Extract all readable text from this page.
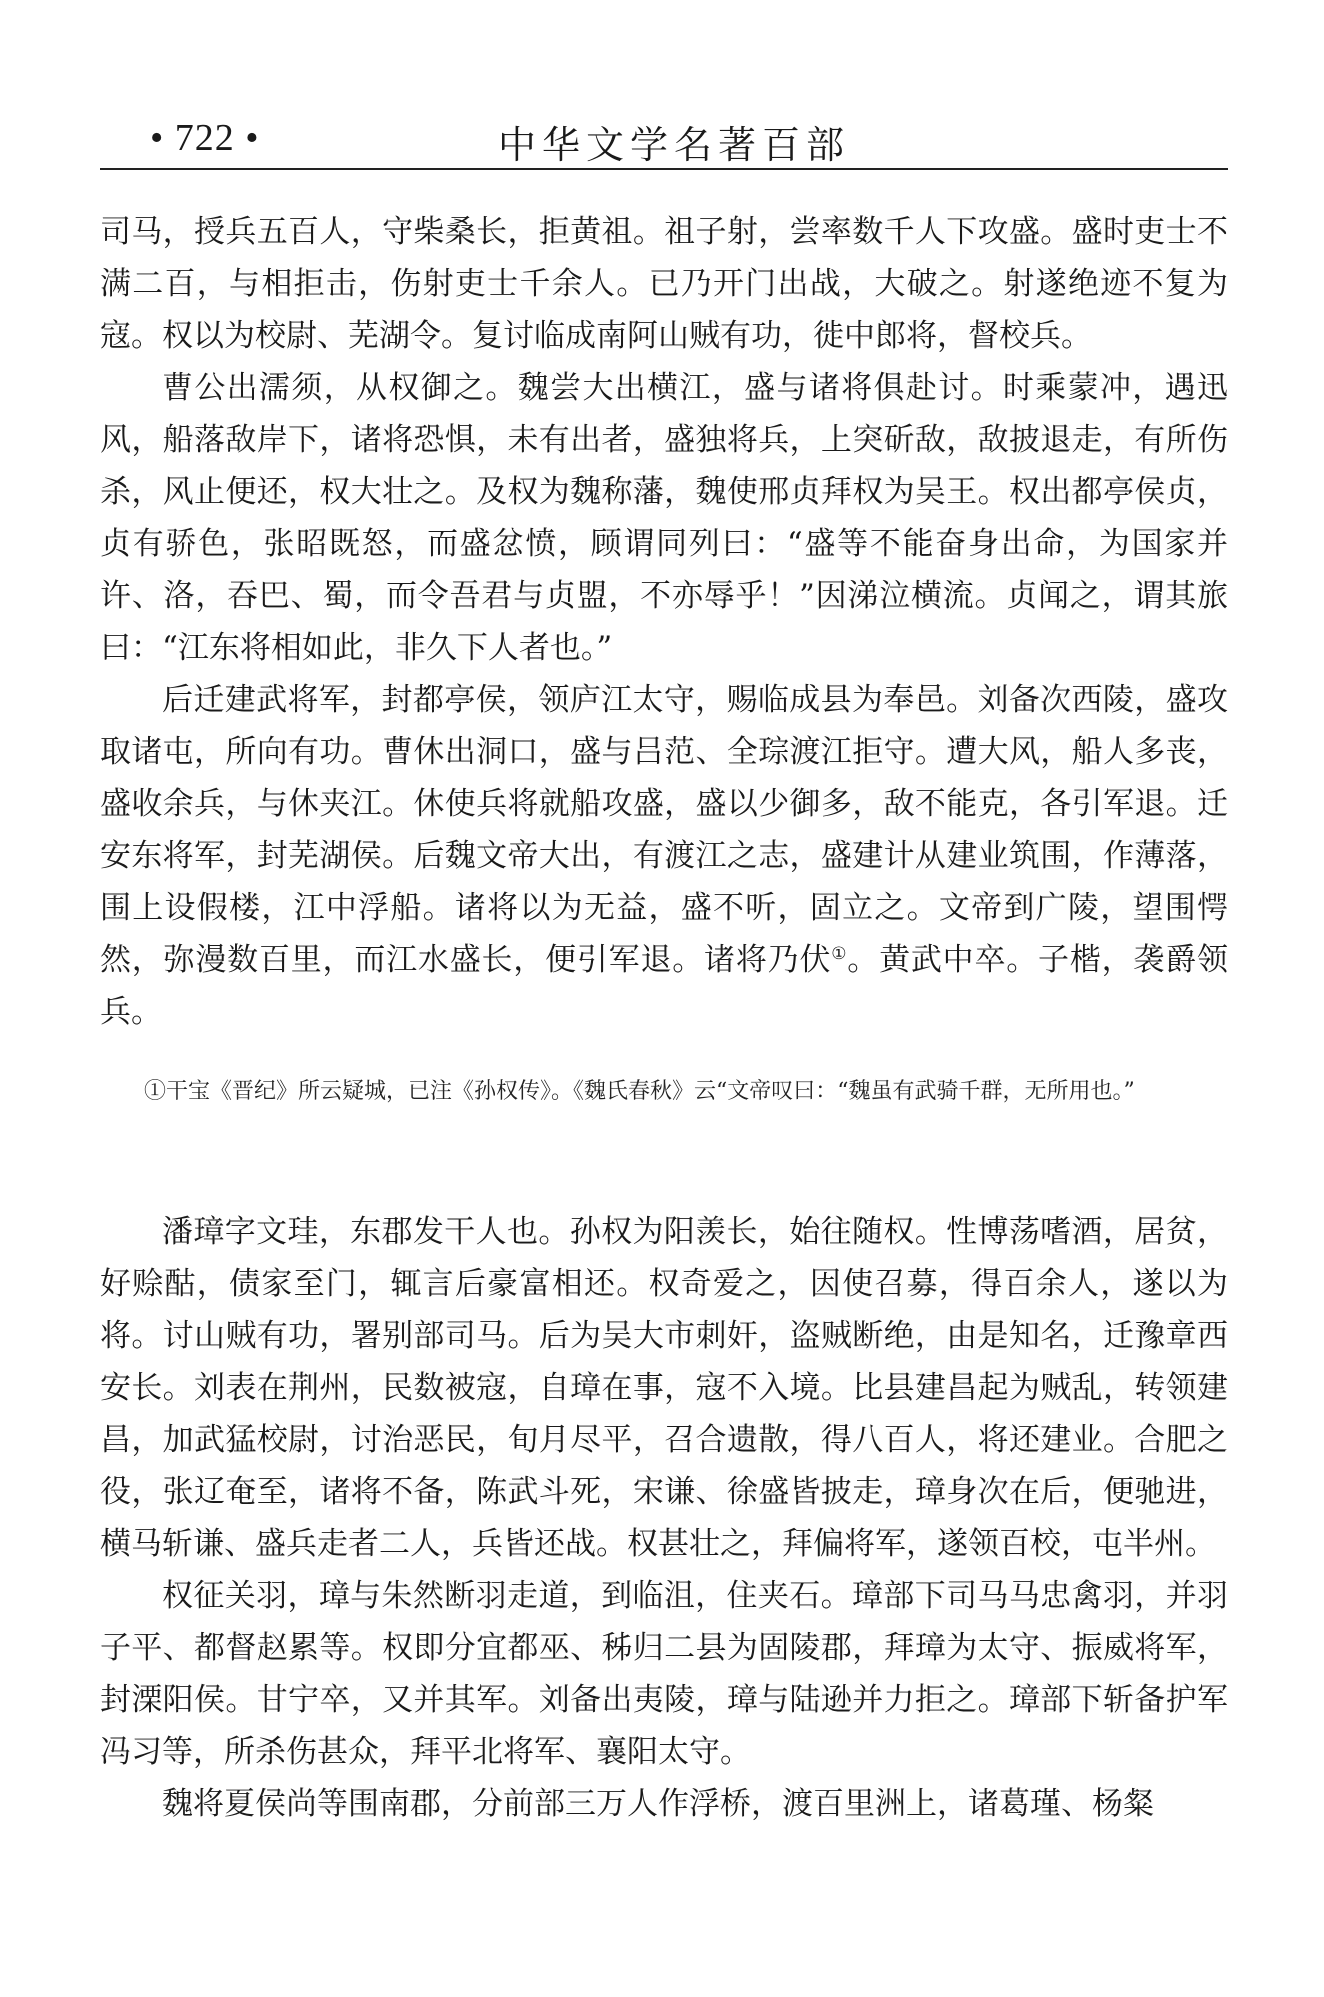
• 722 •	中华文学名著百部

司马，授兵五百人，守柴桑长，拒黄祖。祖子射，尝率数千人下攻盛。盛时吏士不满二百，与相拒击，伤射吏士千余人。已乃开门出战，大破之。射遂绝迹不复为寇。权以为校尉、芜湖令。复讨临成南阿山贼有功，徙中郎将，督校兵。

曹公出濡须，从权御之。魏尝大出横江，盛与诸将俱赴讨。时乘蒙冲，遇迅风，船落敌岸下，诸将恐惧，未有出者，盛独将兵，上突斫敌，敌披退走，有所伤杀，风止便还，权大壮之。及权为魏称藩，魏使邢贞拜权为吴王。权出都亭侯贞，贞有骄色，张昭既怒，而盛忿愤，顾谓同列曰：“盛等不能奋身出命，为国家并许、洛，吞巴、蜀，而令吾君与贞盟，不亦辱乎！”因涕泣横流。贞闻之，谓其旅曰：“江东将相如此，非久下人者也。”

后迁建武将军，封都亭侯，领庐江太守，赐临成县为奉邑。刘备次西陵，盛攻取诸屯，所向有功。曹休出洞口，盛与吕范、全琮渡江拒守。遭大风，船人多丧，盛收余兵，与休夹江。休使兵将就船攻盛，盛以少御多，敌不能克，各引军退。迁安东将军，封芜湖侯。后魏文帝大出，有渡江之志，盛建计从建业筑围，作薄落，围上设假楼，江中浮船。诸将以为无益，盛不听，固立之。文帝到广陵，望围愕然，弥漫数百里，而江水盛长，便引军退。诸将乃伏①。黄武中卒。子楷，袭爵领兵。

①干宝《晋纪》所云疑城，已注《孙权传》。《魏氏春秋》云“文帝叹曰：“魏虽有武骑千群，无所用也。”

潘璋字文珪，东郡发干人也。孙权为阳羡长，始往随权。性博荡嗜酒，居贫，好赊酤，债家至门，辄言后豪富相还。权奇爱之，因使召募，得百余人，遂以为将。讨山贼有功，署别部司马。后为吴大市刺奸，盗贼断绝，由是知名，迁豫章西安长。刘表在荆州，民数被寇，自璋在事，寇不入境。比县建昌起为贼乱，转领建昌，加武猛校尉，讨治恶民，旬月尽平，召合遗散，得八百人，将还建业。合肥之役，张辽奄至，诸将不备，陈武斗死，宋谦、徐盛皆披走，璋身次在后，便驰进，横马斩谦、盛兵走者二人，兵皆还战。权甚壮之，拜偏将军，遂领百校，屯半州。

权征关羽，璋与朱然断羽走道，到临沮，住夹石。璋部下司马马忠禽羽，并羽子平、都督赵累等。权即分宜都巫、秭归二县为固陵郡，拜璋为太守、振威将军，封溧阳侯。甘宁卒，又并其军。刘备出夷陵，璋与陆逊并力拒之。璋部下斩备护军冯习等，所杀伤甚众，拜平北将军、襄阳太守。

魏将夏侯尚等围南郡，分前部三万人作浮桥，渡百里洲上，诸葛瑾、杨粲
